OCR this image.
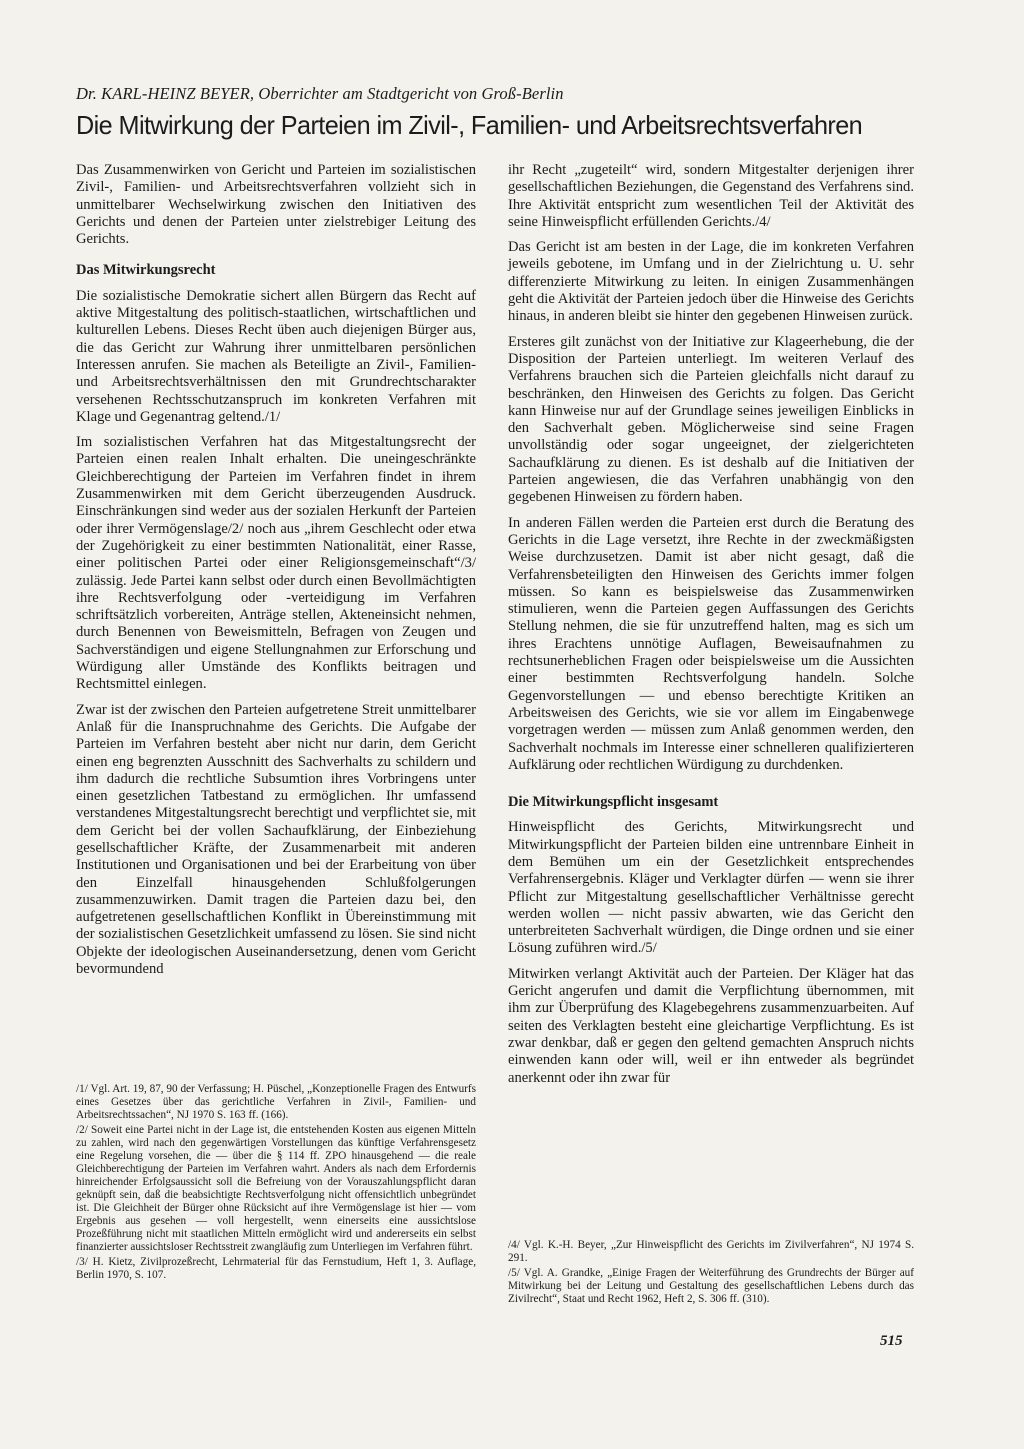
Dr. KARL-HEINZ BEYER, Oberrichter am Stadtgericht von Groß-Berlin
Die Mitwirkung der Parteien im Zivil-, Familien- und Arbeitsrechtsverfahren

Das Zusammenwirken von Gericht und Parteien im sozialistischen Zivil-, Familien- und Arbeitsrechtsverfahren vollzieht sich in unmittelbarer Wechselwirkung zwischen den Initiativen des Gerichts und denen der Parteien unter zielstrebiger Leitung des Gerichts.

Das Mitwirkungsrecht

Die sozialistische Demokratie sichert allen Bürgern das Recht auf aktive Mitgestaltung des politisch-staatlichen, wirtschaftlichen und kulturellen Lebens. Dieses Recht üben auch diejenigen Bürger aus, die das Gericht zur Wahrung ihrer unmittelbaren persönlichen Interessen anrufen. Sie machen als Beteiligte an Zivil-, Familien- und Arbeitsrechtsverhältnissen den mit Grundrechtscharakter versehenen Rechtsschutzanspruch im konkreten Verfahren mit Klage und Gegenantrag geltend./1/

Im sozialistischen Verfahren hat das Mitgestaltungsrecht der Parteien einen realen Inhalt erhalten. Die uneingeschränkte Gleichberechtigung der Parteien im Verfahren findet in ihrem Zusammenwirken mit dem Gericht überzeugenden Ausdruck. Einschränkungen sind weder aus der sozialen Herkunft der Parteien oder ihrer Vermögenslage/2/ noch aus „ihrem Geschlecht oder etwa der Zugehörigkeit zu einer bestimmten Nationalität, einer Rasse, einer politischen Partei oder einer Religionsgemeinschaft“/3/ zulässig. Jede Partei kann selbst oder durch einen Bevollmächtigten ihre Rechtsverfolgung oder -verteidigung im Verfahren schriftsätzlich vorbereiten, Anträge stellen, Akteneinsicht nehmen, durch Benennen von Beweismitteln, Befragen von Zeugen und Sachverständigen und eigene Stellungnahmen zur Erforschung und Würdigung aller Umstände des Konflikts beitragen und Rechtsmittel einlegen.

Zwar ist der zwischen den Parteien aufgetretene Streit unmittelbarer Anlaß für die Inanspruchnahme des Gerichts. Die Aufgabe der Parteien im Verfahren besteht aber nicht nur darin, dem Gericht einen eng begrenzten Ausschnitt des Sachverhalts zu schildern und ihm dadurch die rechtliche Subsumtion ihres Vorbringens unter einen gesetzlichen Tatbestand zu ermöglichen. Ihr umfassend verstandenes Mitgestaltungsrecht berechtigt und verpflichtet sie, mit dem Gericht bei der vollen Sachaufklärung, der Einbeziehung gesellschaftlicher Kräfte, der Zusammenarbeit mit anderen Institutionen und Organisationen und bei der Erarbeitung von über den Einzelfall hinausgehenden Schlußfolgerungen zusammenzuwirken. Damit tragen die Parteien dazu bei, den aufgetretenen gesellschaftlichen Konflikt in Übereinstimmung mit der sozialistischen Gesetzlichkeit umfassend zu lösen. Sie sind nicht Objekte der ideologischen Auseinandersetzung, denen vom Gericht bevormundend

ihr Recht „zugeteilt“ wird, sondern Mitgestalter derjenigen ihrer gesellschaftlichen Beziehungen, die Gegenstand des Verfahrens sind. Ihre Aktivität entspricht zum wesentlichen Teil der Aktivität des seine Hinweispflicht erfüllenden Gerichts./4/

Das Gericht ist am besten in der Lage, die im konkreten Verfahren jeweils gebotene, im Umfang und in der Zielrichtung u. U. sehr differenzierte Mitwirkung zu leiten. In einigen Zusammenhängen geht die Aktivität der Parteien jedoch über die Hinweise des Gerichts hinaus, in anderen bleibt sie hinter den gegebenen Hinweisen zurück.

Ersteres gilt zunächst von der Initiative zur Klageerhebung, die der Disposition der Parteien unterliegt. Im weiteren Verlauf des Verfahrens brauchen sich die Parteien gleichfalls nicht darauf zu beschränken, den Hinweisen des Gerichts zu folgen. Das Gericht kann Hinweise nur auf der Grundlage seines jeweiligen Einblicks in den Sachverhalt geben. Möglicherweise sind seine Fragen unvollständig oder sogar ungeeignet, der zielgerichteten Sachaufklärung zu dienen. Es ist deshalb auf die Initiativen der Parteien angewiesen, die das Verfahren unabhängig von den gegebenen Hinweisen zu fördern haben.

In anderen Fällen werden die Parteien erst durch die Beratung des Gerichts in die Lage versetzt, ihre Rechte in der zweckmäßigsten Weise durchzusetzen. Damit ist aber nicht gesagt, daß die Verfahrensbeteiligten den Hinweisen des Gerichts immer folgen müssen. So kann es beispielsweise das Zusammenwirken stimulieren, wenn die Parteien gegen Auffassungen des Gerichts Stellung nehmen, die sie für unzutreffend halten, mag es sich um ihres Erachtens unnötige Auflagen, Beweisaufnahmen zu rechtsunerheblichen Fragen oder beispielsweise um die Aussichten einer bestimmten Rechtsverfolgung handeln. Solche Gegenvorstellungen — und ebenso berechtigte Kritiken an Arbeitsweisen des Gerichts, wie sie vor allem im Eingabenwege vorgetragen werden — müssen zum Anlaß genommen werden, den Sachverhalt nochmals im Interesse einer schnelleren qualifizierteren Aufklärung oder rechtlichen Würdigung zu durchdenken.

Die Mitwirkungspflicht insgesamt

Hinweispflicht des Gerichts, Mitwirkungsrecht und Mitwirkungspflicht der Parteien bilden eine untrennbare Einheit in dem Bemühen um ein der Gesetzlichkeit entsprechendes Verfahrensergebnis. Kläger und Verklagter dürfen — wenn sie ihrer Pflicht zur Mitgestaltung gesellschaftlicher Verhältnisse gerecht werden wollen — nicht passiv abwarten, wie das Gericht den unterbreiteten Sachverhalt würdigen, die Dinge ordnen und sie einer Lösung zuführen wird./5/

Mitwirken verlangt Aktivität auch der Parteien. Der Kläger hat das Gericht angerufen und damit die Verpflichtung übernommen, mit ihm zur Überprüfung des Klagebegehrens zusammenzuarbeiten. Auf seiten des Verklagten besteht eine gleichartige Verpflichtung. Es ist zwar denkbar, daß er gegen den geltend gemachten Anspruch nichts einwenden kann oder will, weil er ihn entweder als begründet anerkennt oder ihn zwar für

/1/ Vgl. Art. 19, 87, 90 der Verfassung; H. Püschel, „Konzeptionelle Fragen des Entwurfs eines Gesetzes über das gerichtliche Verfahren in Zivil-, Familien- und Arbeitsrechtssachen“, NJ 1970 S. 163 ff. (166).

/2/ Soweit eine Partei nicht in der Lage ist, die entstehenden Kosten aus eigenen Mitteln zu zahlen, wird nach den gegenwärtigen Vorstellungen das künftige Verfahrensgesetz eine Regelung vorsehen, die — über die § 114 ff. ZPO hinausgehend — die reale Gleichberechtigung der Parteien im Verfahren wahrt. Anders als nach dem Erfordernis hinreichender Erfolgsaussicht soll die Befreiung von der Vorauszahlungspflicht daran geknüpft sein, daß die beabsichtigte Rechtsverfolgung nicht offensichtlich unbegründet ist. Die Gleichheit der Bürger ohne Rücksicht auf ihre Vermögenslage ist hier — vom Ergebnis aus gesehen — voll hergestellt, wenn einerseits eine aussichtslose Prozeßführung nicht mit staatlichen Mitteln ermöglicht wird und andererseits ein selbst finanzierter aussichtsloser Rechtsstreit zwangläufig zum Unterliegen im Verfahren führt.

/3/ H. Kietz, Zivilprozeßrecht, Lehrmaterial für das Fernstudium, Heft 1, 3. Auflage, Berlin 1970, S. 107.

/4/ Vgl. K.-H. Beyer, „Zur Hinweispflicht des Gerichts im Zivilverfahren“, NJ 1974 S. 291.

/5/ Vgl. A. Grandke, „Einige Fragen der Weiterführung des Grundrechts der Bürger auf Mitwirkung bei der Leitung und Gestaltung des gesellschaftlichen Lebens durch das Zivilrecht“, Staat und Recht 1962, Heft 2, S. 306 ff. (310).

515
